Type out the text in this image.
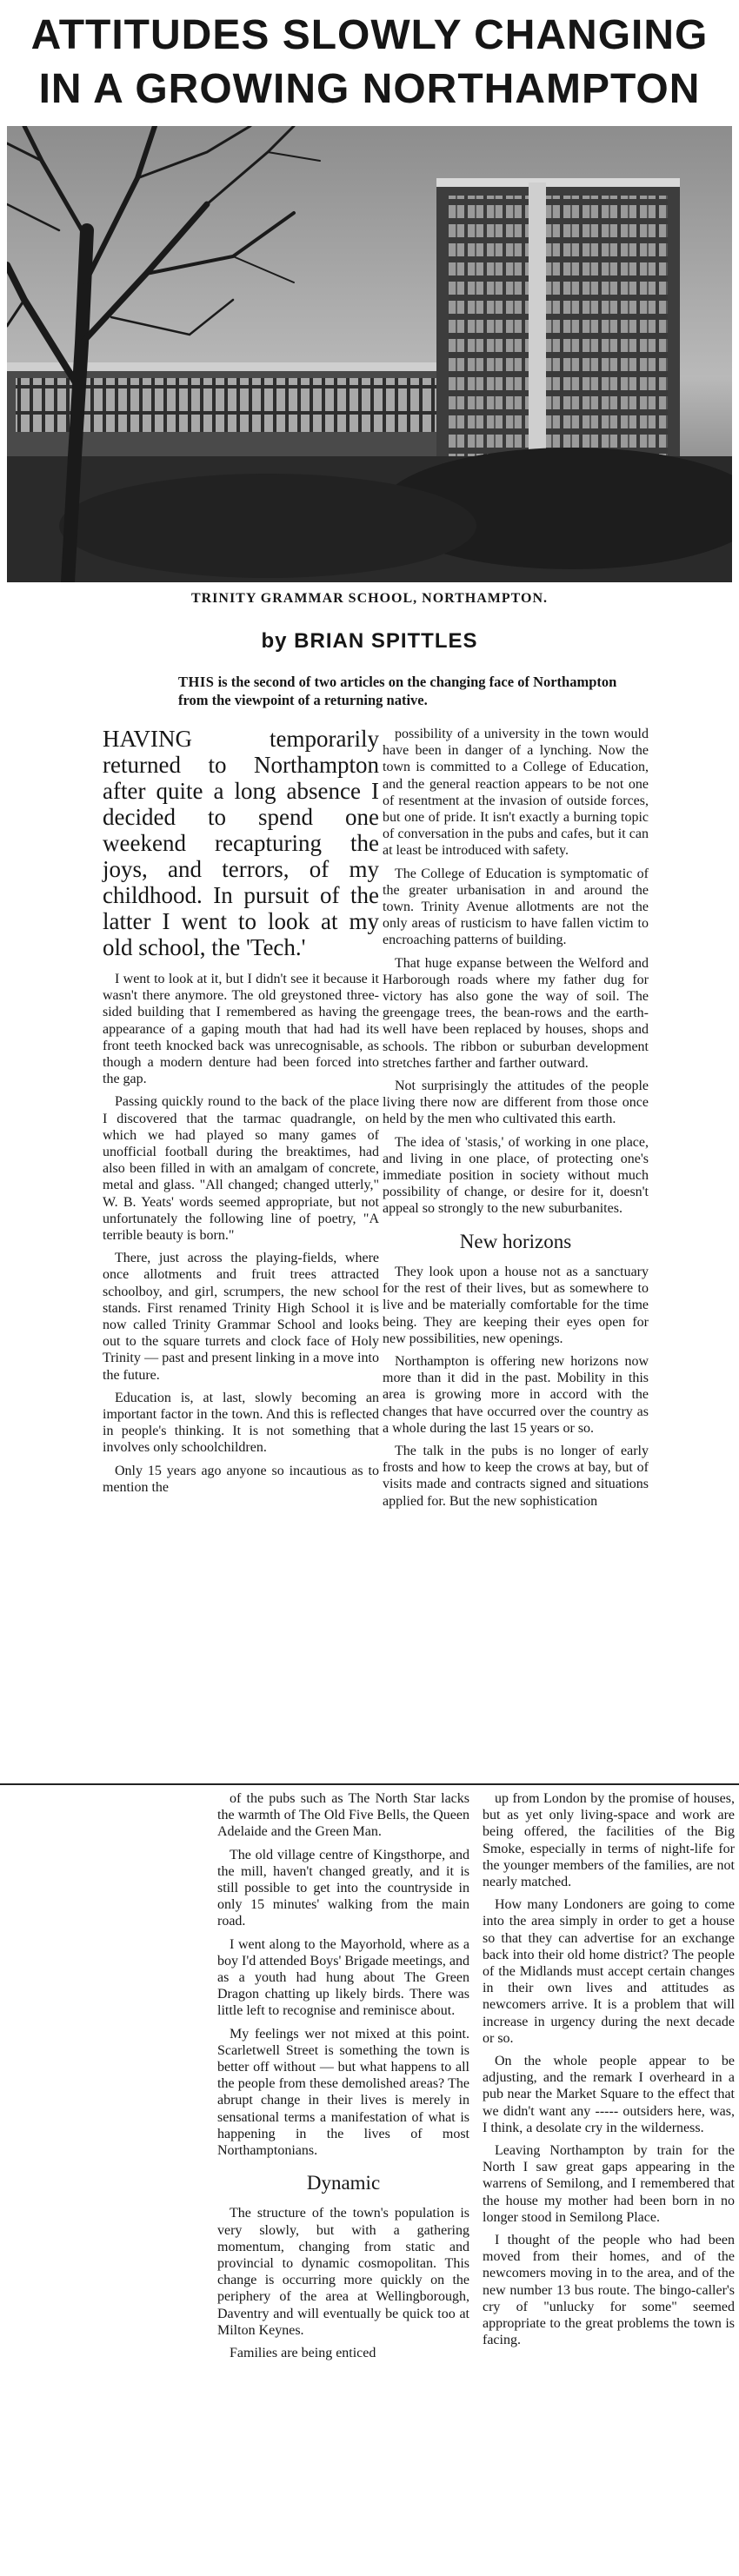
ATTITUDES SLOWLY CHANGING
IN A GROWING NORTHAMPTON
TRINITY GRAMMAR SCHOOL, NORTHAMPTON.
by BRIAN SPITTLES
THIS is the second of two articles on the changing face of Northampton from the viewpoint of a returning native.

HAVING temporarily returned to Northampton after quite a long absence I decided to spend one weekend recapturing the joys, and terrors, of my childhood. In pursuit of the latter I went to look at my old school, the 'Tech.'

I went to look at it, but I didn't see it because it wasn't there anymore. The old greystoned three-sided building that I remembered as having the appearance of a gaping mouth that had had its front teeth knocked back was unrecognisable, as though a modern denture had been forced into the gap.

Passing quickly round to the back of the place I discovered that the tarmac quadrangle, on which we had played so many games of unofficial football during the breaktimes, had also been filled in with an amalgam of concrete, metal and glass. "All changed; changed utterly," W. B. Yeats' words seemed appropriate, but not unfortunately the following line of poetry, "A terrible beauty is born."

There, just across the playing-fields, where once allotments and fruit trees attracted schoolboy, and girl, scrumpers, the new school stands. First renamed Trinity High School it is now called Trinity Grammar School and looks out to the square turrets and clock face of Holy Trinity — past and present linking in a move into the future.

Education is, at last, slowly becoming an important factor in the town. And this is reflected in people's thinking. It is not something that involves only schoolchildren.

Only 15 years ago anyone so incautious as to mention the

possibility of a university in the town would have been in danger of a lynching. Now the town is committed to a College of Education, and the general reaction appears to be not one of resentment at the invasion of outside forces, but one of pride. It isn't exactly a burning topic of conversation in the pubs and cafes, but it can at least be introduced with safety.

The College of Education is symptomatic of the greater urbanisation in and around the town. Trinity Avenue allotments are not the only areas of rusticism to have fallen victim to encroaching patterns of building.

That huge expanse between the Welford and Harborough roads where my father dug for victory has also gone the way of soil. The greengage trees, the bean-rows and the earth-well have been replaced by houses, shops and schools. The ribbon or suburban development stretches farther and farther outward.

Not surprisingly the attitudes of the people living there now are different from those once held by the men who cultivated this earth.

The idea of 'stasis,' of working in one place, and living in one place, of protecting one's immediate position in society without much possibility of change, or desire for it, doesn't appeal so strongly to the new suburbanites.

New horizons

They look upon a house not as a sanctuary for the rest of their lives, but as somewhere to live and be materially comfortable for the time being. They are keeping their eyes open for new possibilities, new openings.

Northampton is offering new horizons now more than it did in the past. Mobility in this area is growing more in accord with the changes that have occurred over the country as a whole during the last 15 years or so.

The talk in the pubs is no longer of early frosts and how to keep the crows at bay, but of visits made and contracts signed and situations applied for. But the new sophistication

of the pubs such as The North Star lacks the warmth of The Old Five Bells, the Queen Adelaide and the Green Man.

The old village centre of Kingsthorpe, and the mill, haven't changed greatly, and it is still possible to get into the countryside in only 15 minutes' walking from the main road.

I went along to the Mayorhold, where as a boy I'd attended Boys' Brigade meetings, and as a youth had hung about The Green Dragon chatting up likely birds. There was little left to recognise and reminisce about.

My feelings wer not mixed at this point. Scarletwell Street is something the town is better off without — but what happens to all the people from these demolished areas? The abrupt change in their lives is merely in sensational terms a manifestation of what is happening in the lives of most Northamptonians.

Dynamic

The structure of the town's population is very slowly, but with a gathering momentum, changing from static and provincial to dynamic cosmopolitan. This change is occurring more quickly on the periphery of the area at Wellingborough, Daventry and will eventually be quick too at Milton Keynes.

Families are being enticed

up from London by the promise of houses, but as yet only living-space and work are being offered, the facilities of the Big Smoke, especially in terms of night-life for the younger members of the families, are not nearly matched.

How many Londoners are going to come into the area simply in order to get a house so that they can advertise for an exchange back into their old home district? The people of the Midlands must accept certain changes in their own lives and attitudes as newcomers arrive. It is a problem that will increase in urgency during the next decade or so.

On the whole people appear to be adjusting, and the remark I overheard in a pub near the Market Square to the effect that we didn't want any ----- outsiders here, was, I think, a desolate cry in the wilderness.

Leaving Northampton by train for the North I saw great gaps appearing in the warrens of Semilong, and I remembered that the house my mother had been born in no longer stood in Semilong Place.

I thought of the people who had been moved from their homes, and of the newcomers moving in to the area, and of the new number 13 bus route. The bingo-caller's cry of "unlucky for some" seemed appropriate to the great problems the town is facing.
